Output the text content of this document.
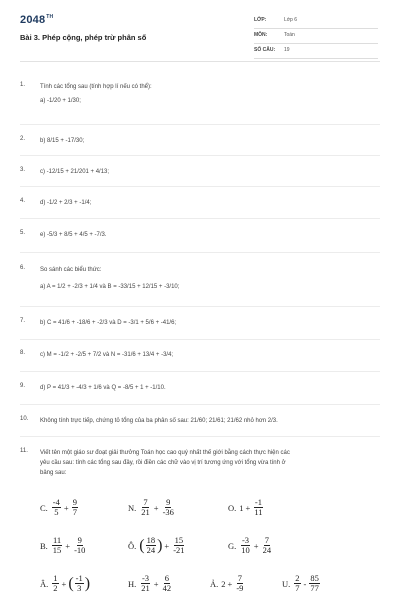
2048TH
Bài 3. Phép cộng, phép trừ phân số
LỚP:	Lớp 6
MÔN:	Toán
SỐ CÂU: 19
1. Tính các tổng sau (tính hợp lí nếu có thể):
a) -1/20 + 1/30;
2. b) 8/15 + -17/30;
3. c) -12/15 + 21/201 + 4/13;
4. d) -1/2 + 2/3 + -1/4;
5. e) -5/3 + 8/5 + 4/5 + -7/3.
6. So sánh các biểu thức:
a) A = 1/2 + -2/3 + 1/4 và B = -33/15 + 12/15 + -3/10;
7. b) C = 41/6 + -18/6 + -2/3 và D = -3/1 + 5/6 + -41/6;
8. c) M = -1/2 + -2/5 + 7/2 và N = -31/6 + 13/4 + -3/4;
9. d) P = 41/3 + -4/3 + 1/6 và Q = -8/5 + 1 + -1/10.
10. Không tính trực tiếp, chứng tỏ tổng của ba phân số sau: 21/60; 21/61; 21/62 nhỏ hơn 2/3.
11. Viết tên một giáo sư đoạt giải thưởng Toán học cao quý nhất thế giới bằng cách thực hiện các
yêu cầu sau: tính các tổng sau đây, rồi điền các chữ vào vị trí tương ứng với tổng vừa tính ở
bảng sau:
C. $\frac{-4}{5} + \frac{9}{7}$	N. $\frac{7}{21} + \frac{9}{-36}$	O. $1 + \frac{-1}{11}$
B. $\frac{11}{15} + \frac{9}{-10}$	Ô. ( $\frac{18}{24}$ ) + $\frac{15}{-21}$	G. $\frac{-3}{10} + \frac{7}{24}$
Â. $\frac{1}{2}$ + ( $\frac{-1}{3}$ )	H. $\frac{-3}{21} + \frac{6}{42}$	Ả. $2 + \frac{7}{-9}$	U. $\frac{2}{7} - \frac{85}{77}$
